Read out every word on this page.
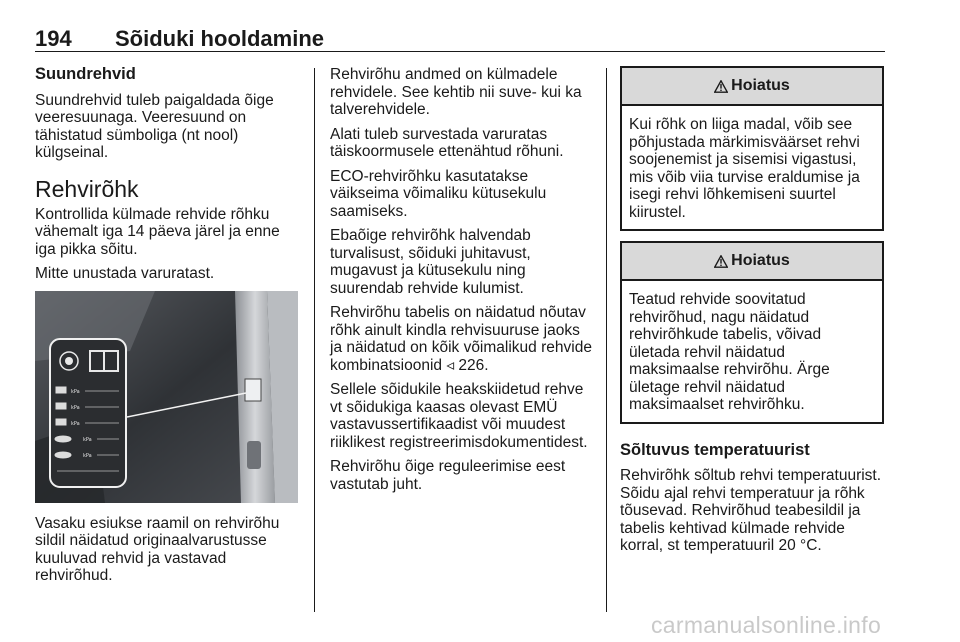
194 Sõiduki hooldamine
Suundrehvid

Suundrehvid tuleb paigaldada õige veeresuunaga. Veeresuund on tähistatud sümboliga (nt nool) külgseinal.

Rehvirõhk

Kontrollida külmade rehvide rõhku vähemalt iga 14 päeva järel ja enne iga pikka sõitu.

Mitte unustada varuratast.

kPa
kPa
kPa
kPa
kPa

Vasaku esiukse raamil on rehvirõhu sildil näidatud originaalvarustusse kuuluvad rehvid ja vastavad rehvirõhud.

Rehvirõhu andmed on külmadele rehvidele. See kehtib nii suve- kui ka talverehvidele.

Alati tuleb survestada varuratas täiskoormusele ettenähtud rõhuni.

ECO-rehvirõhku kasutatakse väikseima võimaliku kütusekulu saamiseks.

Ebaõige rehvirõhk halvendab turvalisust, sõiduki juhitavust, mugavust ja kütusekulu ning suurendab rehvide kulumist.

Rehvirõhu tabelis on näidatud nõutav rõhk ainult kindla rehvisuuruse jaoks ja näidatud on kõik võimalikud rehvide kombinatsioonid ◃ 226.

Sellele sõidukile heakskiidetud rehve vt sõidukiga kaasas olevast EMÜ vastavussertifikaadist või muudest riiklikest registreerimisdokumentidest.

Rehvirõhu õige reguleerimise eest vastutab juht.

Hoiatus
Kui rõhk on liiga madal, võib see põhjustada märkimisväärset rehvi soojenemist ja sisemisi vigastusi, mis võib viia turvise eraldumise ja isegi rehvi lõhkemiseni suurtel kiirustel.
Hoiatus
Teatud rehvide soovitatud rehvirõhud, nagu näidatud rehvirõhkude tabelis, võivad ületada rehvil näidatud maksimaalse rehvirõhu. Ärge ületage rehvil näidatud maksimaalset rehvirõhku.
Sõltuvus temperatuurist

Rehvirõhk sõltub rehvi temperatuurist. Sõidu ajal rehvi temperatuur ja rõhk tõusevad. Rehvirõhud teabesildil ja tabelis kehtivad külmade rehvide korral, st temperatuuril 20 °C.

carmanualsonline.info
